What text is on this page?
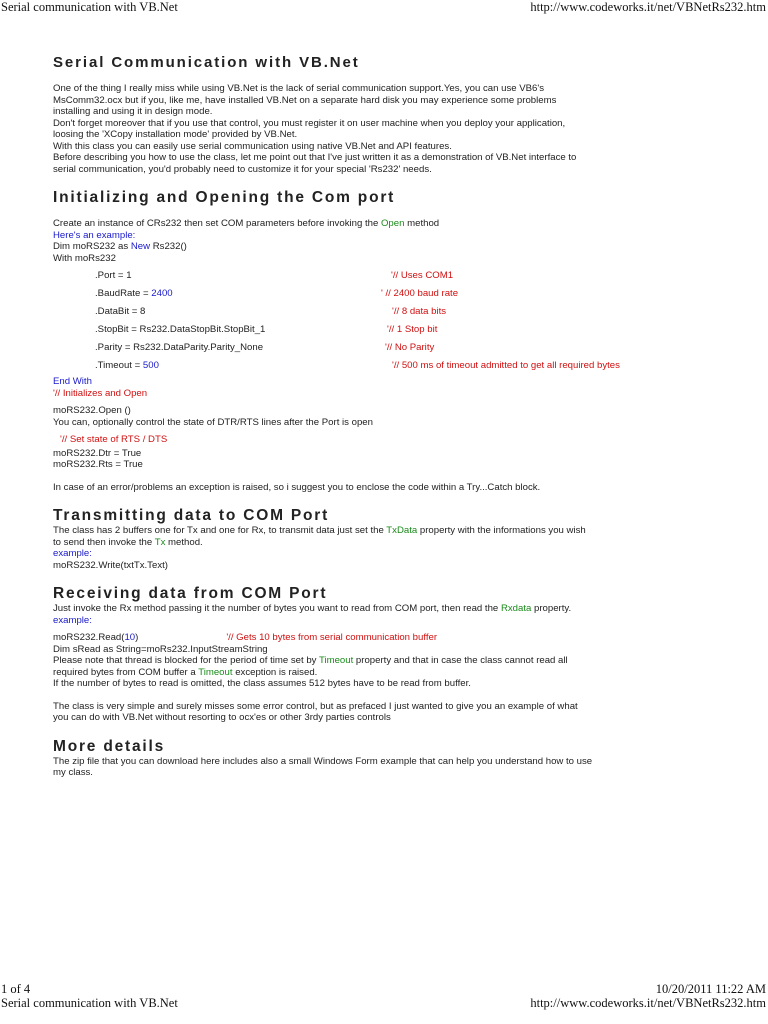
Serial communication with VB.Net	http://www.codeworks.it/net/VBNetRs232.htm
Serial Communication with VB.Net

One of the thing I really miss while using VB.Net is the lack of serial communication support.Yes, you can use VB6's

MsComm32.ocx but if you, like me, have installed VB.Net on a separate hard disk you may experience some problems

installing and using it in design mode.

Don't forget moreover that if you use that control, you must register it on user machine when you deploy your application,

loosing the 'XCopy installation mode' provided by VB.Net.

With this class you can easily use serial communication using native VB.Net and API features.

Before describing you how to use the class, let me point out that I've just written it as a demonstration of VB.Net interface to

serial communication, you'd probably need to customize it for your special 'Rs232' needs.

Initializing and Opening the Com port

Create an instance of CRs232 then set COM parameters before invoking the Open method

Here's an example:

Dim moRS232 as New Rs232()

With moRs232

.Port = 1	'// Uses COM1
.BaudRate = 2400	' // 2400 baud rate
.DataBit = 8	'// 8 data bits
.StopBit = Rs232.DataStopBit.StopBit_1	'// 1 Stop bit
.Parity = Rs232.DataParity.Parity_None	'// No Parity
.Timeout = 500	'// 500 ms of timeout admitted to get all required bytes

End With

'// Initializes and Open

moRS232.Open ()

You can, optionally control the state of DTR/RTS lines after the Port is open

'// Set state of RTS / DTS

moRS232.Dtr = True

moRS232.Rts = True

In case of an error/problems an exception is raised, so i suggest you to enclose the code within a Try...Catch block.

Transmitting data to COM Port

The class has 2 buffers one for Tx and one for Rx, to transmit data just set the TxData property with the informations you wish

to send then invoke the Tx method.

example:

moRS232.Write(txtTx.Text)

Receiving data from COM Port

Just invoke the Rx method passing it the number of bytes you want to read from COM port, then read the Rxdata property.

example:

moRS232.Read(10)	'// Gets 10 bytes from serial communication buffer

Dim sRead as String=moRs232.InputStreamString

Please note that thread is blocked for the period of time set by Timeout property and that in case the class cannot read all

required bytes from COM buffer a Timeout exception is raised.

If the number of bytes to read is omitted, the class assumes 512 bytes have to be read from buffer.

The class is very simple and surely misses some error control, but as prefaced I just wanted to give you an example of what

you can do with VB.Net without resorting to ocx'es or other 3rdy parties controls

More details

The zip file that you can download here includes also a small Windows Form example that can help you understand how to use

my class.

1 of 4	10/20/2011 11:22 AM
Serial communication with VB.Net	http://www.codeworks.it/net/VBNetRs232.htm
